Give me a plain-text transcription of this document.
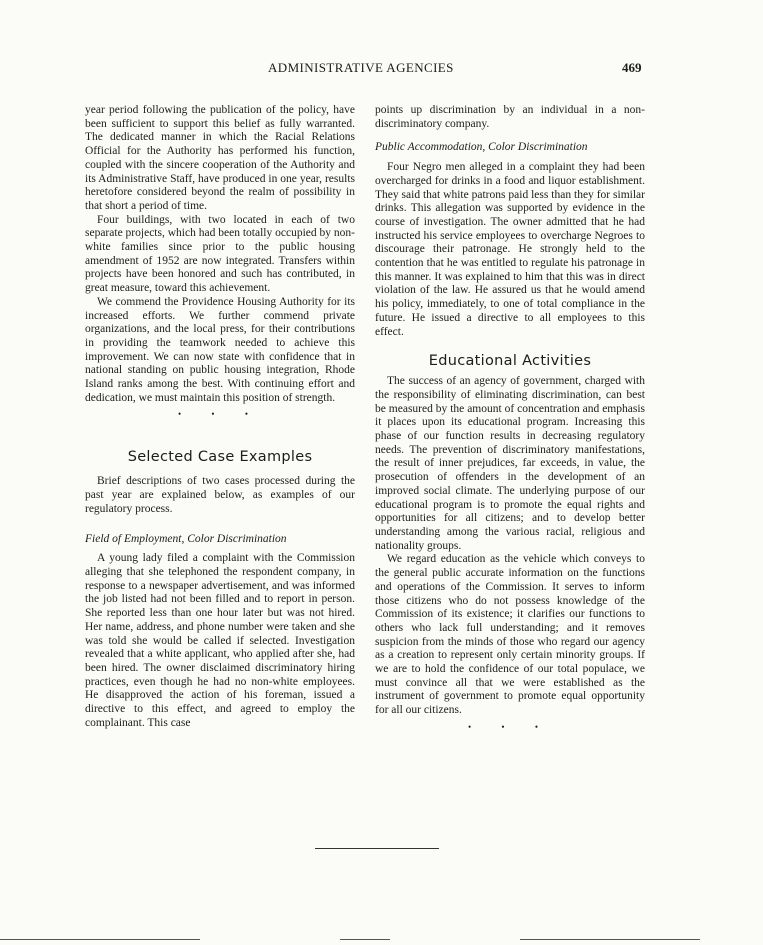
ADMINISTRATIVE AGENCIES	469

year period following the publication of the policy, have been sufficient to support this belief as fully warranted. The dedicated manner in which the Racial Relations Official for the Authority has performed his function, coupled with the sincere cooperation of the Authority and its Administrative Staff, have produced in one year, results heretofore considered beyond the realm of possibility in that short a period of time.

Four buildings, with two located in each of two separate projects, which had been totally occupied by non-white families since prior to the public housing amendment of 1952 are now integrated. Transfers within projects have been honored and such has contributed, in great measure, toward this achievement.

We commend the Providence Housing Authority for its increased efforts. We further commend private organizations, and the local press, for their contributions in providing the teamwork needed to achieve this improvement. We can now state with confidence that in national standing on public housing integration, Rhode Island ranks among the best. With continuing effort and dedication, we must maintain this position of strength.

• • •
Selected Case Examples

Brief descriptions of two cases processed during the past year are explained below, as examples of our regulatory process.

Field of Employment, Color Discrimination

A young lady filed a complaint with the Commission alleging that she telephoned the respondent company, in response to a newspaper advertisement, and was informed the job listed had not been filled and to report in person. She reported less than one hour later but was not hired. Her name, address, and phone number were taken and she was told she would be called if selected. Investigation revealed that a white applicant, who applied after she, had been hired. The owner disclaimed discriminatory hiring practices, even though he had no non-white employees. He disapproved the action of his foreman, issued a directive to this effect, and agreed to employ the complainant. This case

points up discrimination by an individual in a non-discriminatory company.

Public Accommodation, Color Discrimination

Four Negro men alleged in a complaint they had been overcharged for drinks in a food and liquor establishment. They said that white patrons paid less than they for similar drinks. This allegation was supported by evidence in the course of investigation. The owner admitted that he had instructed his service employees to overcharge Negroes to discourage their patronage. He strongly held to the contention that he was entitled to regulate his patronage in this manner. It was explained to him that this was in direct violation of the law. He assured us that he would amend his policy, immediately, to one of total compliance in the future. He issued a directive to all employees to this effect.

Educational Activities

The success of an agency of government, charged with the responsibility of eliminating discrimination, can best be measured by the amount of concentration and emphasis it places upon its educational program. Increasing this phase of our function results in decreasing regulatory needs. The prevention of discriminatory manifestations, the result of inner prejudices, far exceeds, in value, the prosecution of offenders in the development of an improved social climate. The underlying purpose of our educational program is to promote the equal rights and opportunities for all citizens; and to develop better understanding among the various racial, religious and nationality groups.

We regard education as the vehicle which conveys to the general public accurate information on the functions and operations of the Commission. It serves to inform those citizens who do not possess knowledge of the Commission of its existence; it clarifies our functions to others who lack full understanding; and it removes suspicion from the minds of those who regard our agency as a creation to represent only certain minority groups. If we are to hold the confidence of our total populace, we must convince all that we were established as the instrument of government to promote equal opportunity for all our citizens.

• • •
